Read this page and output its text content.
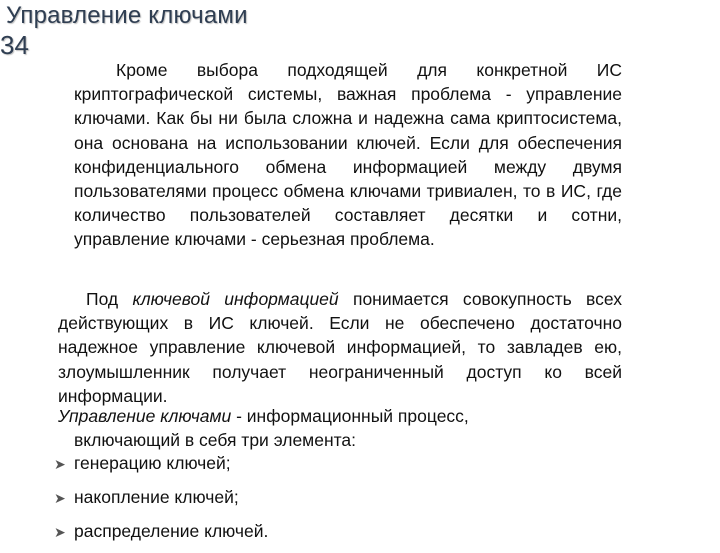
Управление ключами
34
Кроме выбора подходящей для конкретной ИС криптографической системы, важная проблема - управление ключами. Как бы ни была сложна и надежна сама криптосистема, она основана на использовании ключей. Если для обеспечения конфиденциального обмена информацией между двумя пользователями процесс обмена ключами тривиален, то в ИС, где количество пользователей составляет десятки и сотни, управление ключами - серьезная проблема.
Под ключевой информацией понимается совокупность всех действующих в ИС ключей. Если не обеспечено достаточно надежное управление ключевой информацией, то завладев ею, злоумышленник получает неограниченный доступ ко всей информации.
Управление ключами - информационный процесс,
включающий в себя три элемента:
➤ генерацию ключей;
➤ накопление ключей;
➤ распределение ключей.
